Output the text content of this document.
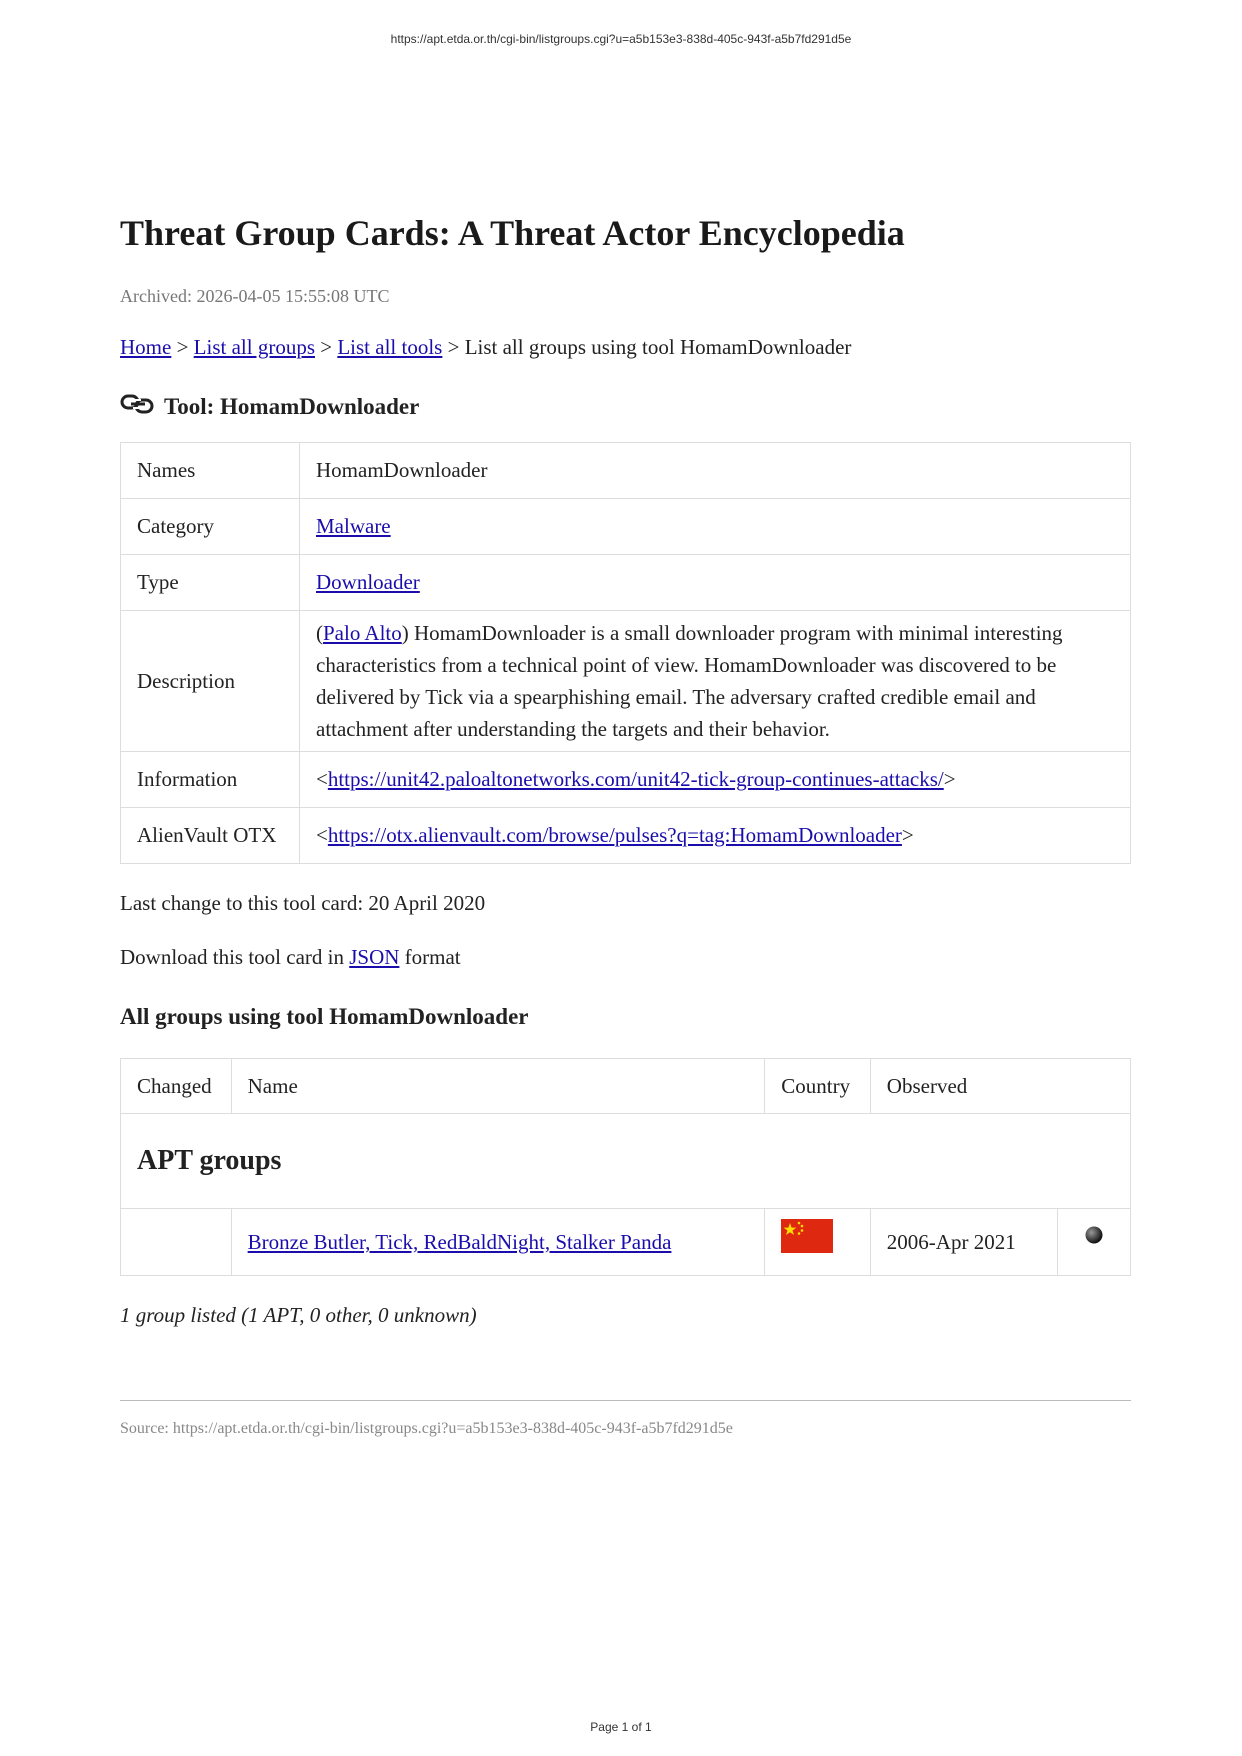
https://apt.etda.or.th/cgi-bin/listgroups.cgi?u=a5b153e3-838d-405c-943f-a5b7fd291d5e
Threat Group Cards: A Threat Actor Encyclopedia
Archived: 2026-04-05 15:55:08 UTC
Home > List all groups > List all tools > List all groups using tool HomamDownloader
Tool: HomamDownloader
Names	HomamDownloader
Category	Malware
Type	Downloader
Description	(Palo Alto) HomamDownloader is a small downloader program with minimal interesting characteristics from a technical point of view. HomamDownloader was discovered to be delivered by Tick via a spearphishing email. The adversary crafted credible email and attachment after understanding the targets and their behavior.
Information	<https://unit42.paloaltonetworks.com/unit42-tick-group-continues-attacks/>
AlienVault OTX	<https://otx.alienvault.com/browse/pulses?q=tag:HomamDownloader>

Last change to this tool card: 20 April 2020

Download this tool card in JSON format

All groups using tool HomamDownloader
Changed	Name	Country	Observed	
APT groups				
	Bronze Butler, Tick, RedBaldNight, Stalker Panda		2006-Apr 2021	

1 group listed (1 APT, 0 other, 0 unknown)

Source: https://apt.etda.or.th/cgi-bin/listgroups.cgi?u=a5b153e3-838d-405c-943f-a5b7fd291d5e
Page 1 of 1
